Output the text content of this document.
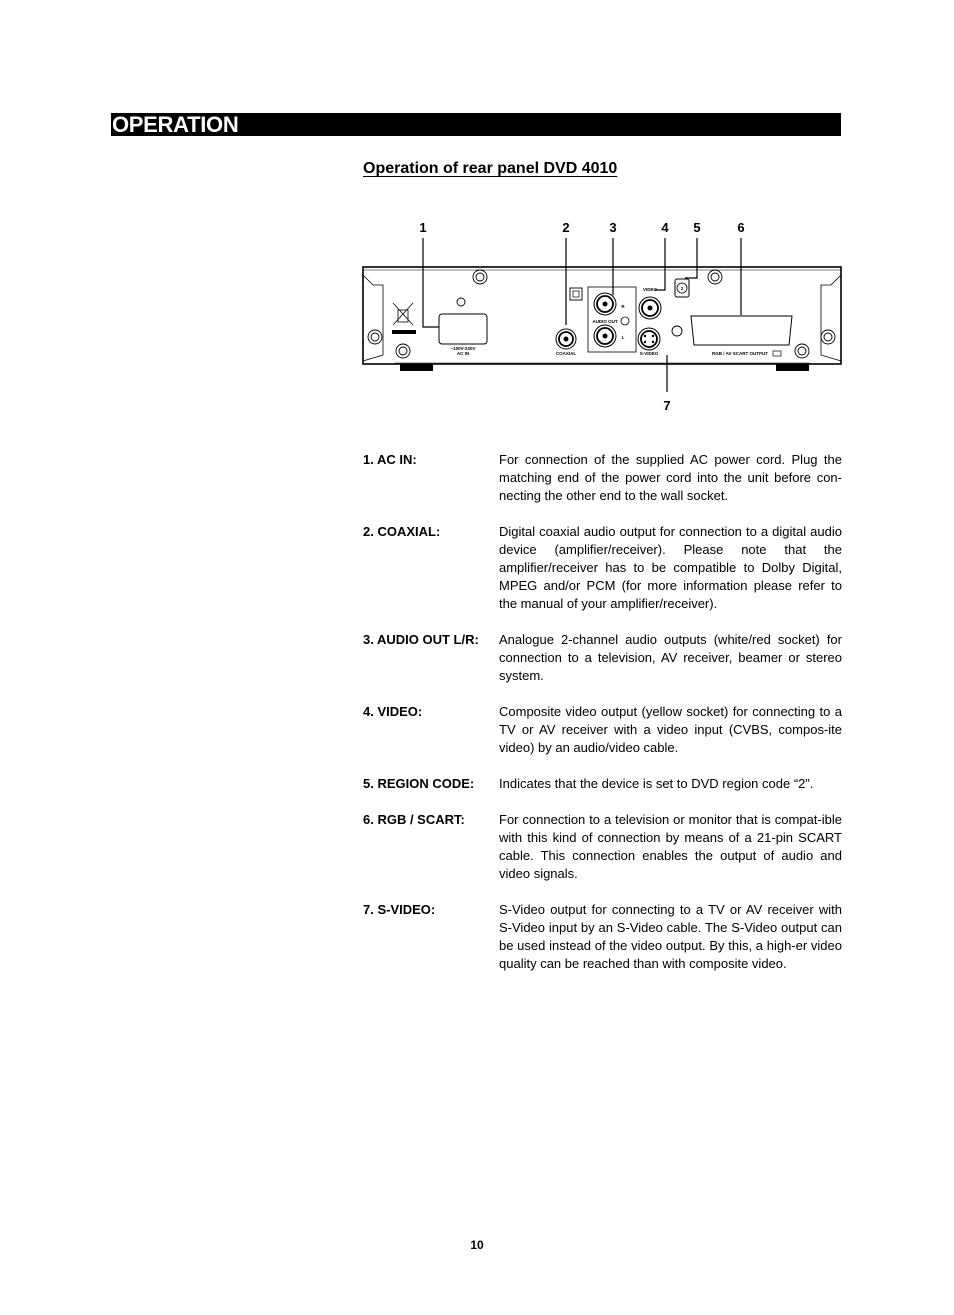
OPERATION
Operation of rear panel DVD 4010
1	2	3	4 5	6
7
~100V-230V
AC IN	COAXIAL
AUDIO OUT
R
L
VIDEO	2
S-VIDEO	RGB / AV SCART OUTPUT
1. AC IN:	For connection of the supplied AC power cord. Plug the matching end of the power cord into the unit before con-necting the other end to the wall socket.
2. COAXIAL:	Digital coaxial audio output for connection to a digital audio device (amplifier/receiver). Please note that the amplifier/receiver has to be compatible to Dolby Digital, MPEG and/or PCM (for more information please refer to the manual of your amplifier/receiver).
3. AUDIO OUT L/R: Analogue 2-channel audio outputs (white/red socket) for connection to a television, AV receiver, beamer or stereo system.
4. VIDEO:	Composite video output (yellow socket) for connecting to a TV or AV receiver with a video input (CVBS, compos-ite video) by an audio/video cable.
5. REGION CODE: Indicates that the device is set to DVD region code “2”.
6. RGB / SCART:	For connection to a television or monitor that is compat-ible with this kind of connection by means of a 21-pin SCART cable. This connection enables the output of audio and video signals.
7. S-VIDEO:	S-Video output for connecting to a TV or AV receiver with S-Video input by an S-Video cable. The S-Video output can be used instead of the video output. By this, a high-er video quality can be reached than with composite video.
10
